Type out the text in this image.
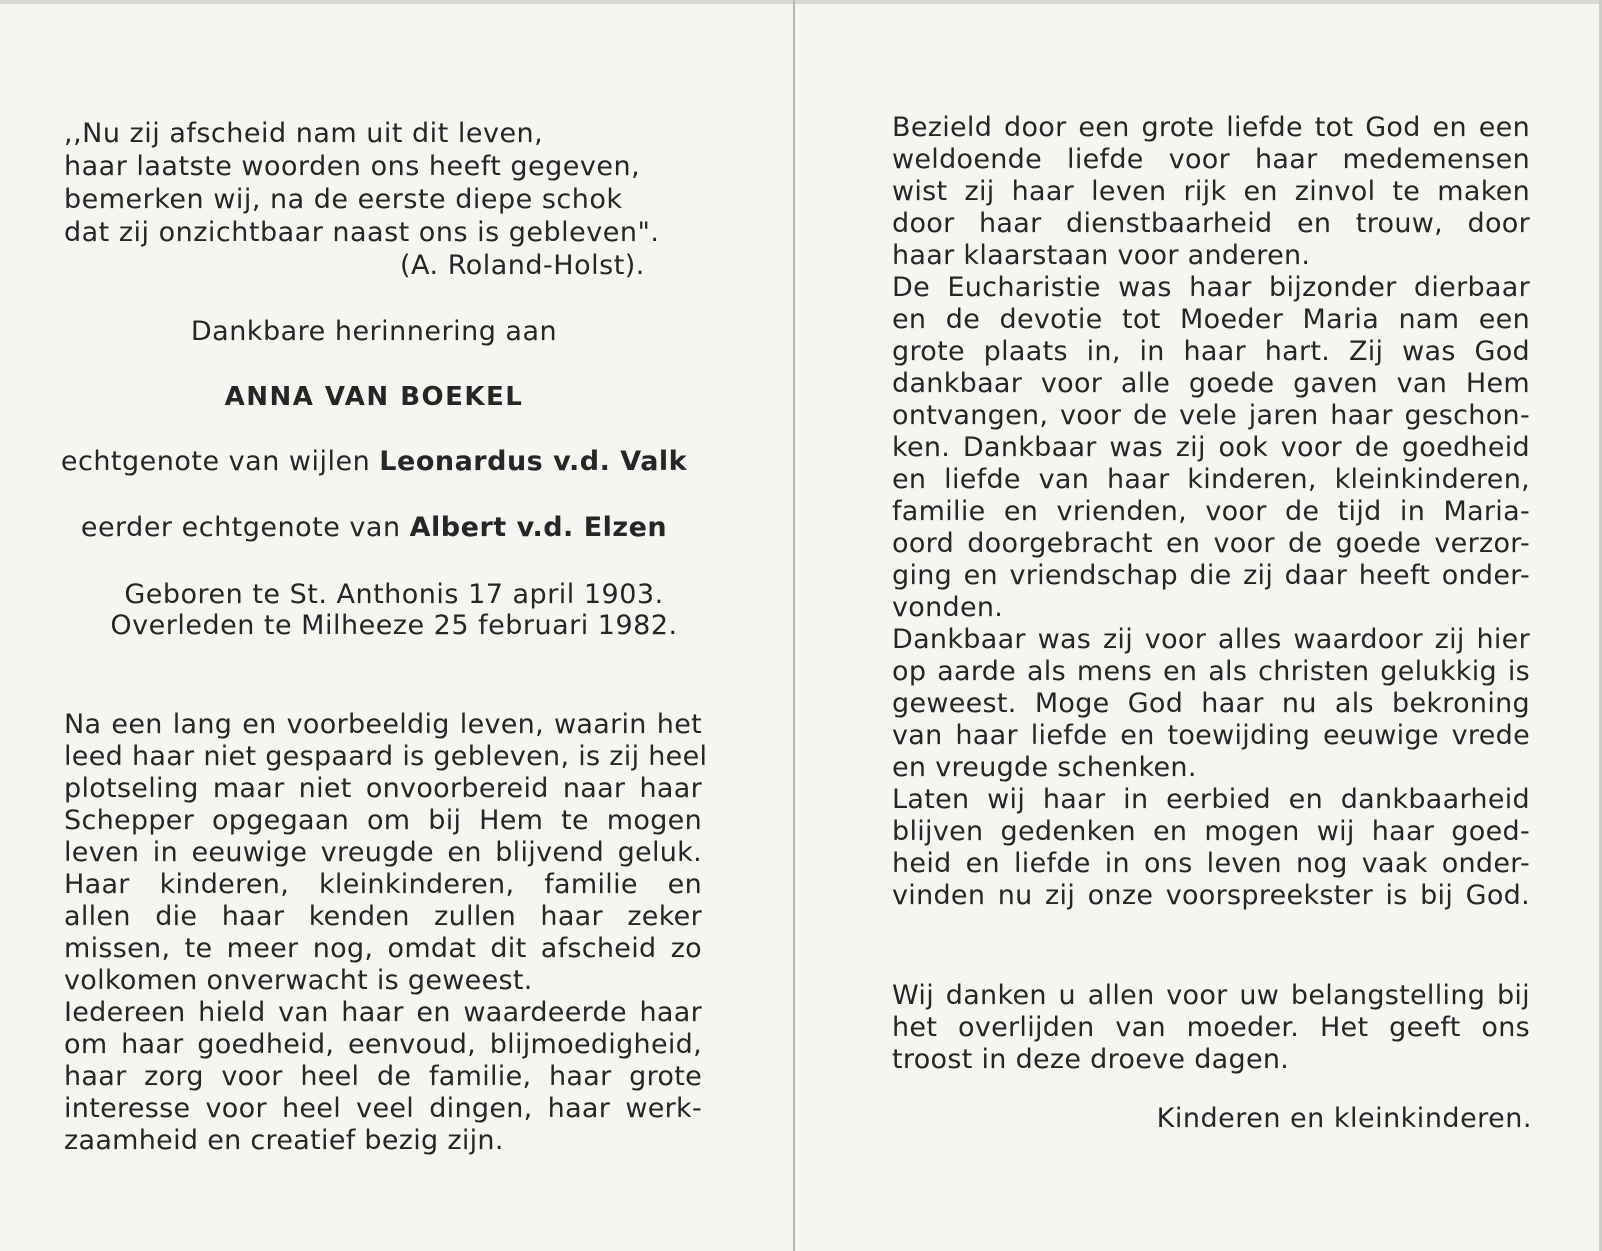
,,Nu zij afscheid nam uit dit leven,
haar laatste woorden ons heeft gegeven,
bemerken wij, na de eerste diepe schok
dat zij onzichtbaar naast ons is gebleven".
(A. Roland-Holst).
Dankbare herinnering aan
ANNA VAN BOEKEL
echtgenote van wijlen Leonardus v.d. Valk
eerder echtgenote van Albert v.d. Elzen
Geboren te St. Anthonis 17 april 1903.
Overleden te Milheeze 25 februari 1982.
Na een lang en voorbeeldig leven, waarin het
leed haar niet gespaard is gebleven, is zij heel
plotseling maar niet onvoorbereid naar haar
Schepper opgegaan om bij Hem te mogen
leven in eeuwige vreugde en blijvend geluk.
Haar kinderen, kleinkinderen, familie en
allen die haar kenden zullen haar zeker
missen, te meer nog, omdat dit afscheid zo
volkomen onverwacht is geweest.
Iedereen hield van haar en waardeerde haar
om haar goedheid, eenvoud, blijmoedigheid,
haar zorg voor heel de familie, haar grote
interesse voor heel veel dingen, haar werk-
zaamheid en creatief bezig zijn.
Bezield door een grote liefde tot God en een
weldoende liefde voor haar medemensen
wist zij haar leven rijk en zinvol te maken
door haar dienstbaarheid en trouw, door
haar klaarstaan voor anderen.
De Eucharistie was haar bijzonder dierbaar
en de devotie tot Moeder Maria nam een
grote plaats in, in haar hart. Zij was God
dankbaar voor alle goede gaven van Hem
ontvangen, voor de vele jaren haar geschon-
ken. Dankbaar was zij ook voor de goedheid
en liefde van haar kinderen, kleinkinderen,
familie en vrienden, voor de tijd in Maria-
oord doorgebracht en voor de goede verzor-
ging en vriendschap die zij daar heeft onder-
vonden.
Dankbaar was zij voor alles waardoor zij hier
op aarde als mens en als christen gelukkig is
geweest. Moge God haar nu als bekroning
van haar liefde en toewijding eeuwige vrede
en vreugde schenken.
Laten wij haar in eerbied en dankbaarheid
blijven gedenken en mogen wij haar goed-
heid en liefde in ons leven nog vaak onder-
vinden nu zij onze voorspreekster is bij God.
Wij danken u allen voor uw belangstelling bij
het overlijden van moeder. Het geeft ons
troost in deze droeve dagen.
Kinderen en kleinkinderen.
